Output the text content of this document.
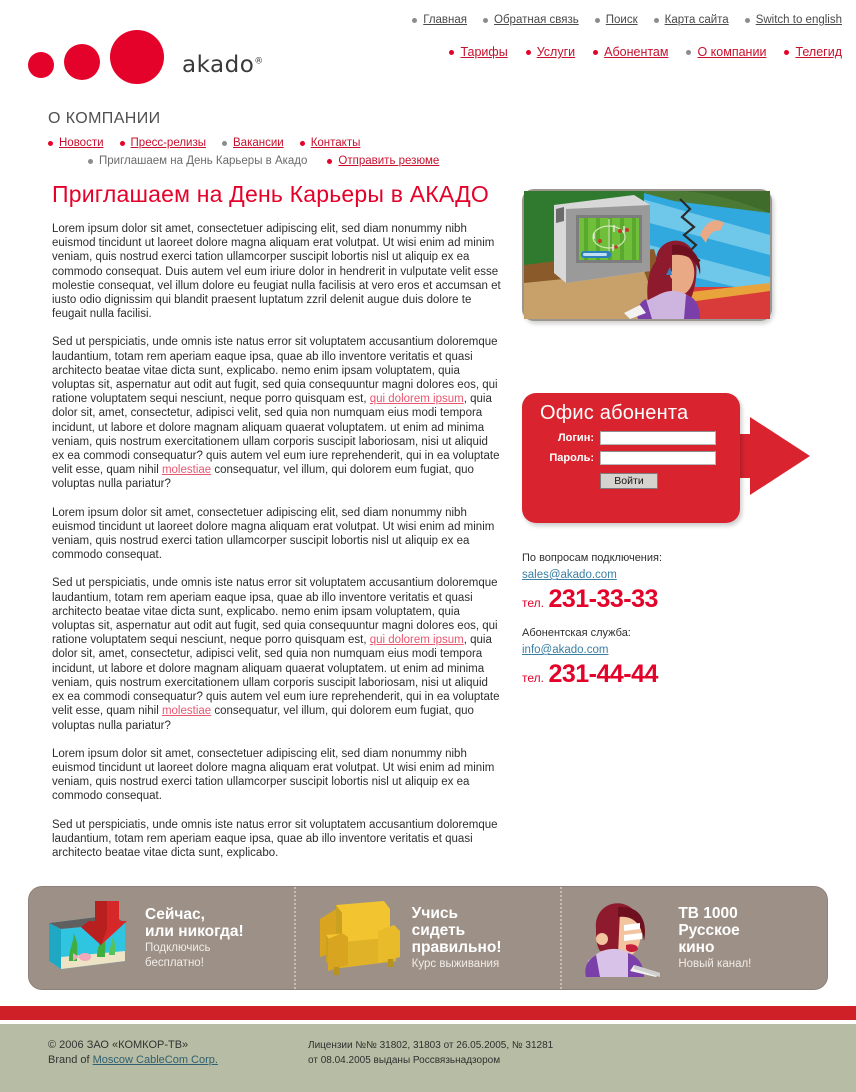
akado®
Главная Обратная связь Поиск Карта сайта Switch to english
Тарифы Услуги Абонентам О компании Телегид
О КОМПАНИИ
Новости Пресс-релизы Вакансии Контакты
Приглашаем на День Карьеры в Акадо	Отправить резюме
Приглашаем на День Карьеры в АКАДО

Lorem ipsum dolor sit amet, consectetuer adipiscing elit, sed diam nonummy nibh euismod tincidunt ut laoreet dolore magna aliquam erat volutpat. Ut wisi enim ad minim veniam, quis nostrud exerci tation ullamcorper suscipit lobortis nisl ut aliquip ex ea commodo consequat. Duis autem vel eum iriure dolor in hendrerit in vulputate velit esse molestie consequat, vel illum dolore eu feugiat nulla facilisis at vero eros et accumsan et iusto odio dignissim qui blandit praesent luptatum zzril delenit augue duis dolore te feugait nulla facilisi.

Sed ut perspiciatis, unde omnis iste natus error sit voluptatem accusantium doloremque laudantium, totam rem aperiam eaque ipsa, quae ab illo inventore veritatis et quasi architecto beatae vitae dicta sunt, explicabo. nemo enim ipsam voluptatem, quia voluptas sit, aspernatur aut odit aut fugit, sed quia consequuntur magni dolores eos, qui ratione voluptatem sequi nesciunt, neque porro quisquam est, qui dolorem ipsum, quia dolor sit, amet, consectetur, adipisci velit, sed quia non numquam eius modi tempora incidunt, ut labore et dolore magnam aliquam quaerat voluptatem. ut enim ad minima veniam, quis nostrum exercitationem ullam corporis suscipit laboriosam, nisi ut aliquid ex ea commodi consequatur? quis autem vel eum iure reprehenderit, qui in ea voluptate velit esse, quam nihil molestiae consequatur, vel illum, qui dolorem eum fugiat, quo voluptas nulla pariatur?

Lorem ipsum dolor sit amet, consectetuer adipiscing elit, sed diam nonummy nibh euismod tincidunt ut laoreet dolore magna aliquam erat volutpat. Ut wisi enim ad minim veniam, quis nostrud exerci tation ullamcorper suscipit lobortis nisl ut aliquip ex ea commodo consequat.

Sed ut perspiciatis, unde omnis iste natus error sit voluptatem accusantium doloremque laudantium, totam rem aperiam eaque ipsa, quae ab illo inventore veritatis et quasi architecto beatae vitae dicta sunt, explicabo. nemo enim ipsam voluptatem, quia voluptas sit, aspernatur aut odit aut fugit, sed quia consequuntur magni dolores eos, qui ratione voluptatem sequi nesciunt, neque porro quisquam est, qui dolorem ipsum, quia dolor sit, amet, consectetur, adipisci velit, sed quia non numquam eius modi tempora incidunt, ut labore et dolore magnam aliquam quaerat voluptatem. ut enim ad minima veniam, quis nostrum exercitationem ullam corporis suscipit laboriosam, nisi ut aliquid ex ea commodi consequatur? quis autem vel eum iure reprehenderit, qui in ea voluptate velit esse, quam nihil molestiae consequatur, vel illum, qui dolorem eum fugiat, quo voluptas nulla pariatur?

Lorem ipsum dolor sit amet, consectetuer adipiscing elit, sed diam nonummy nibh euismod tincidunt ut laoreet dolore magna aliquam erat volutpat. Ut wisi enim ad minim veniam, quis nostrud exerci tation ullamcorper suscipit lobortis nisl ut aliquip ex ea commodo consequat.

Sed ut perspiciatis, unde omnis iste natus error sit voluptatem accusantium doloremque laudantium, totam rem aperiam eaque ipsa, quae ab illo inventore veritatis et quasi architecto beatae vitae dicta sunt, explicabo.

Офис абонента
Логин:
Пароль:
Войти
По вопросам подключения:
sales@akado.com
тел. 231-33-33
Абонентская служба:
info@akado.com
тел. 231-44-44
Сейчас,
или никогда!
Подключись
бесплатно!
Учись
сидеть
правильно!
Курс выживания
ТВ 1000
Русское
кино
Новый канал!
© 2006 ЗАО «КОМКОР-ТВ»
Brand of Moscow CableCom Corp.
Лицензии №№ 31802, 31803 от 26.05.2005, № 31281
от 08.04.2005 выданы Россвязьнадзором
